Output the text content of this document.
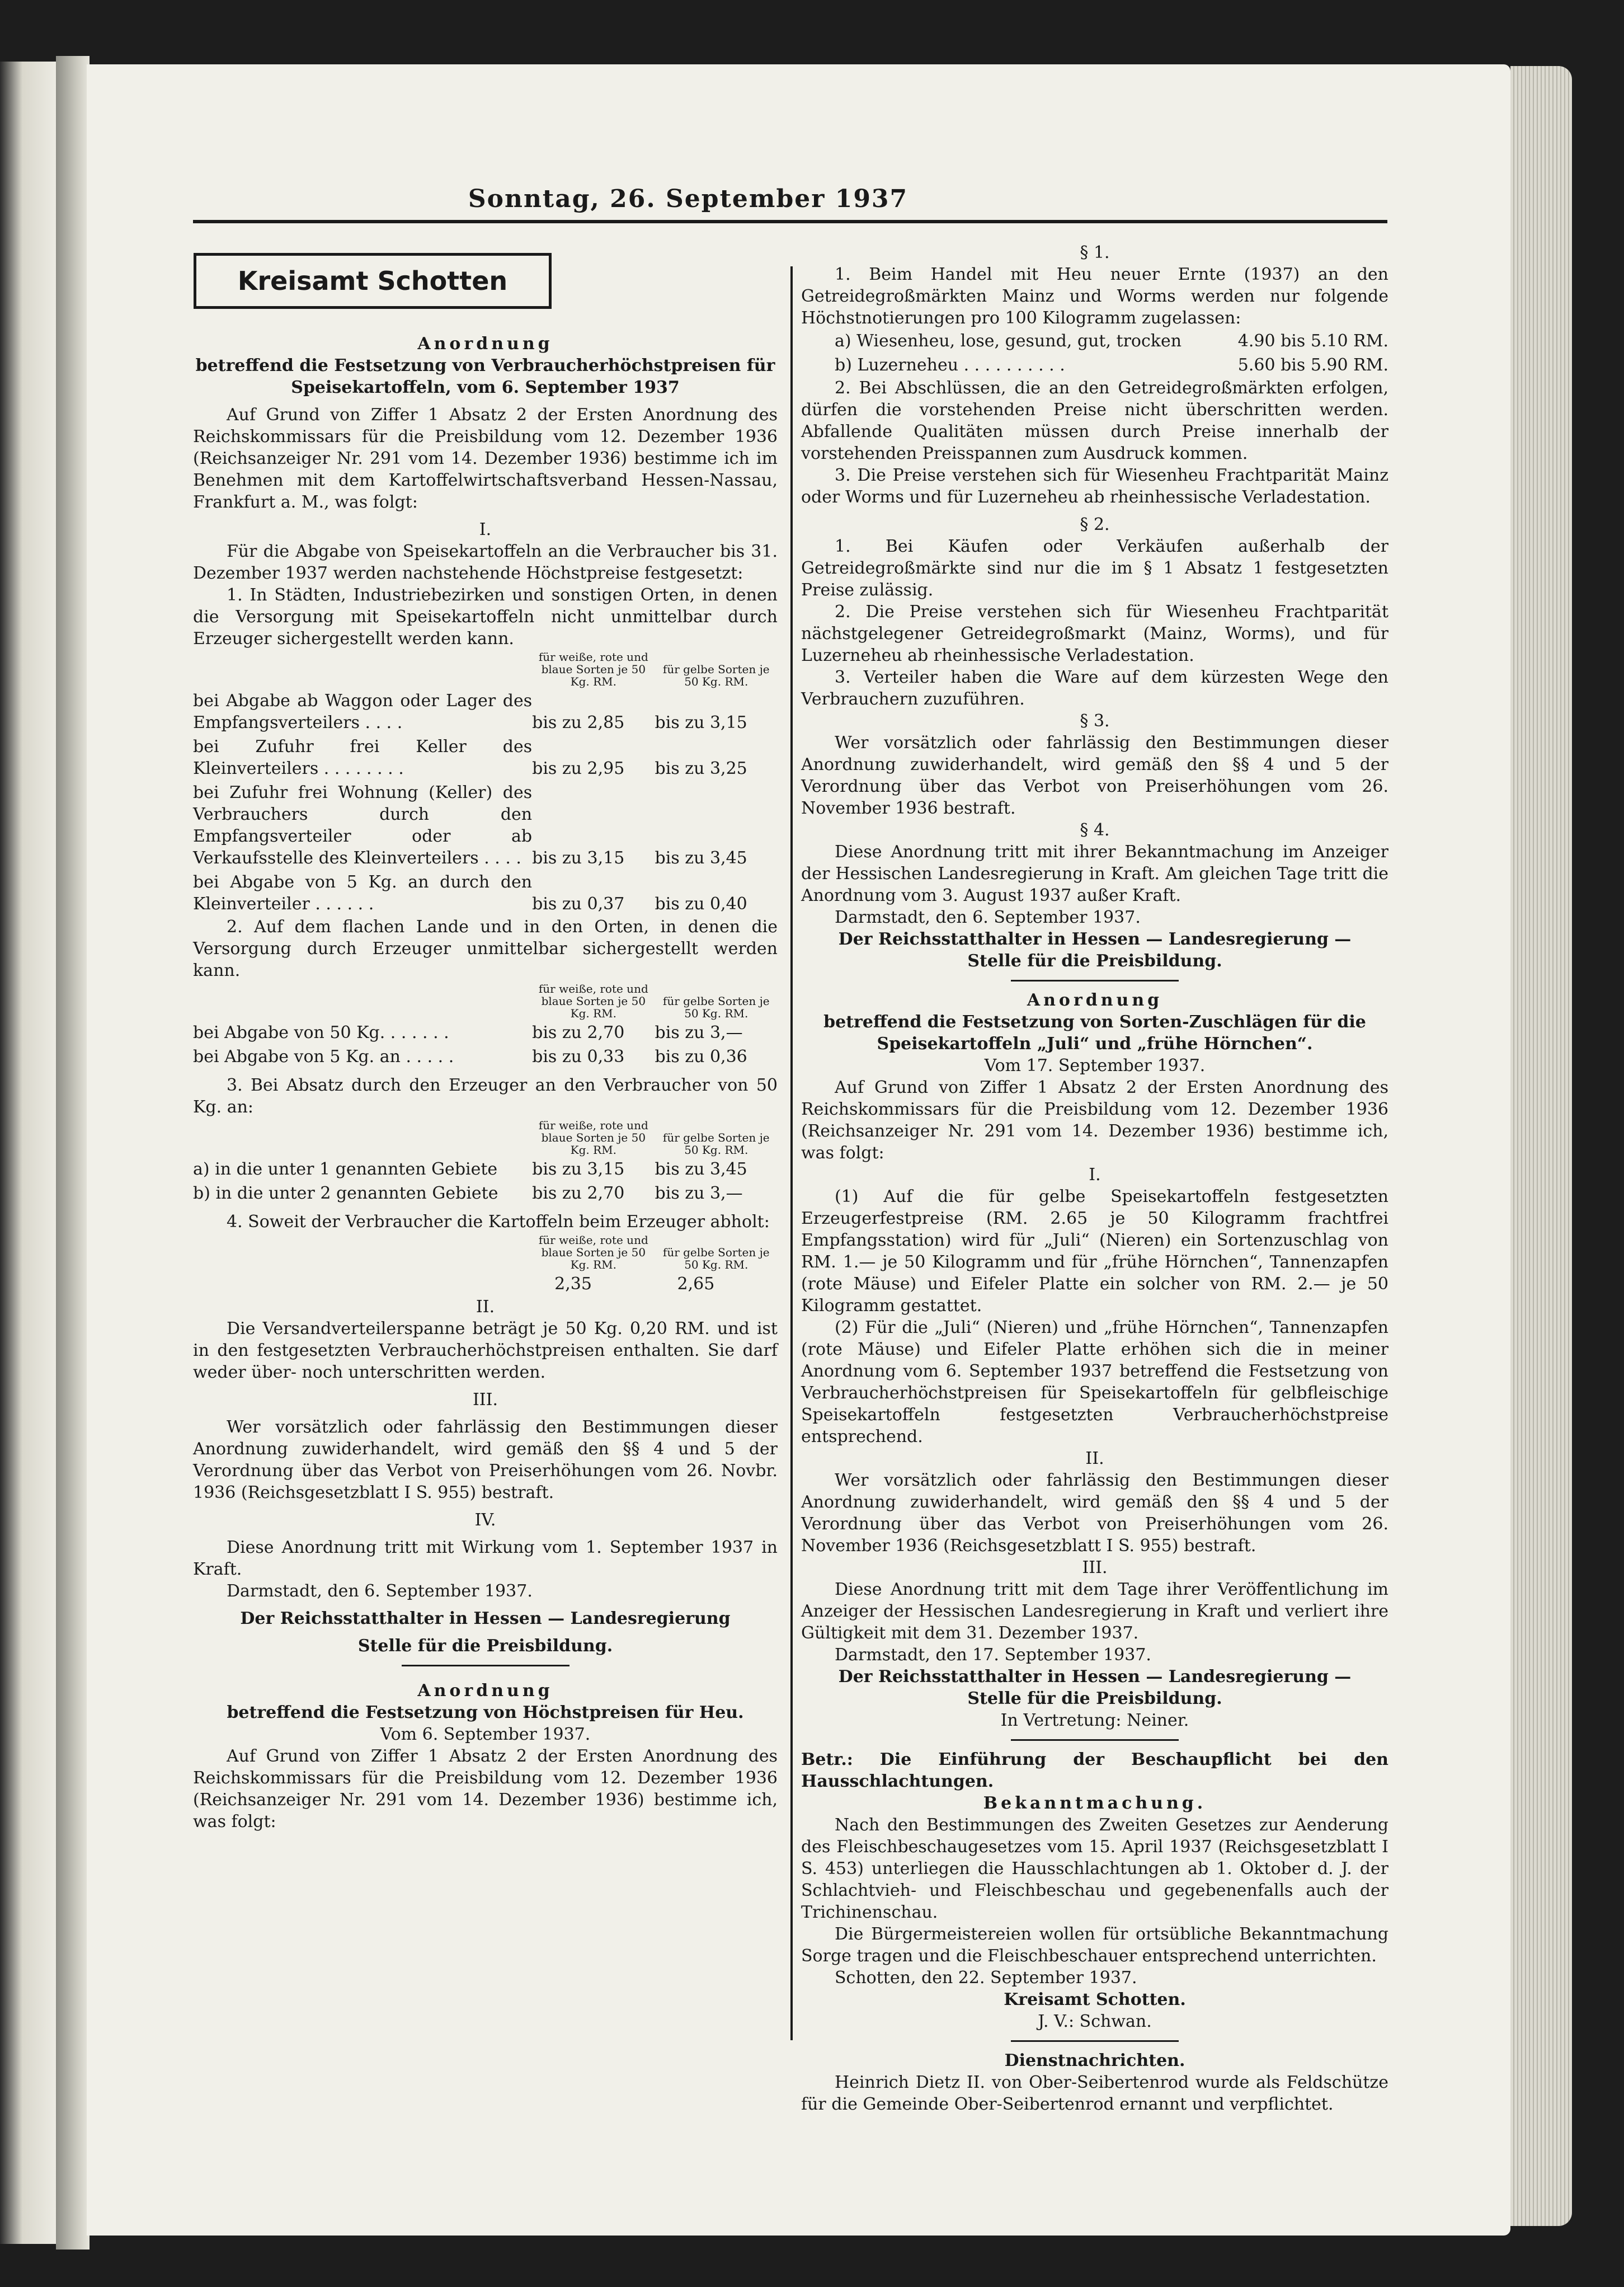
Sonntag, 26. September 1937
Kreisamt Schotten
Anordnung
betreffend die Festsetzung von Verbraucherhöchstpreisen für Speisekartoffeln, vom 6. September 1937

Auf Grund von Ziffer 1 Absatz 2 der Ersten Anordnung des Reichskommissars für die Preisbildung vom 12. Dezember 1936 (Reichsanzeiger Nr. 291 vom 14. Dezember 1936) bestimme ich im Benehmen mit dem Kartoffelwirtschaftsverband Hessen-Nassau, Frankfurt a. M., was folgt:

I.

Für die Abgabe von Speisekartoffeln an die Verbraucher bis 31. Dezember 1937 werden nachstehende Höchstpreise festgesetzt:

1. In Städten, Industriebezirken und sonstigen Orten, in denen die Versorgung mit Speisekartoffeln nicht unmittelbar durch Erzeuger sichergestellt werden kann.

	für weiße, rote und blaue Sorten je 50 Kg. RM.	für gelbe Sorten je 50 Kg. RM.

bei Abgabe ab Waggon oder Lager des Empfangsverteilers . . . .	bis zu 2,85	bis zu 3,15
bei Zufuhr frei Keller des Kleinverteilers . . . . . . . .	bis zu 2,95	bis zu 3,25
bei Zufuhr frei Wohnung (Keller) des Verbrauchers durch den Empfangsverteiler oder ab Verkaufsstelle des Kleinverteilers . . . .	bis zu 3,15	bis zu 3,45
bei Abgabe von 5 Kg. an durch den Kleinverteiler . . . . . .	bis zu 0,37	bis zu 0,40

2. Auf dem flachen Lande und in den Orten, in denen die Versorgung durch Erzeuger unmittelbar sichergestellt werden kann.

	für weiße, rote und blaue Sorten je 50 Kg. RM.	für gelbe Sorten je 50 Kg. RM.

bei Abgabe von 50 Kg. . . . . . .	bis zu 2,70	bis zu 3,—
bei Abgabe von 5 Kg. an . . . . .	bis zu 0,33	bis zu 0,36

3. Bei Absatz durch den Erzeuger an den Verbraucher von 50 Kg. an:

	für weiße, rote und blaue Sorten je 50 Kg. RM.	für gelbe Sorten je 50 Kg. RM.

a) in die unter 1 genannten Gebiete	bis zu 3,15	bis zu 3,45
b) in die unter 2 genannten Gebiete	bis zu 2,70	bis zu 3,—

4. Soweit der Verbraucher die Kartoffeln beim Erzeuger abholt:

	für weiße, rote und blaue Sorten je 50 Kg. RM.	für gelbe Sorten je 50 Kg. RM.

	2,35	2,65
II.

Die Versandverteilerspanne beträgt je 50 Kg. 0,20 RM. und ist in den festgesetzten Verbraucherhöchstpreisen enthalten. Sie darf weder über- noch unterschritten werden.

III.

Wer vorsätzlich oder fahrlässig den Bestimmungen dieser Anordnung zuwiderhandelt, wird gemäß den §§ 4 und 5 der Verordnung über das Verbot von Preiserhöhungen vom 26. Novbr. 1936 (Reichsgesetzblatt I S. 955) bestraft.

IV.

Diese Anordnung tritt mit Wirkung vom 1. September 1937 in Kraft.

Darmstadt, den 6. September 1937.

Der Reichsstatthalter in Hessen — Landesregierung
Stelle für die Preisbildung.
Anordnung
betreffend die Festsetzung von Höchstpreisen für Heu.
Vom 6. September 1937.

Auf Grund von Ziffer 1 Absatz 2 der Ersten Anordnung des Reichskommissars für die Preisbildung vom 12. Dezember 1936 (Reichsanzeiger Nr. 291 vom 14. Dezember 1936) bestimme ich, was folgt:

§ 1.

1. Beim Handel mit Heu neuer Ernte (1937) an den Getreidegroßmärkten Mainz und Worms werden nur folgende Höchstnotierungen pro 100 Kilogramm zugelassen:

a) Wiesenheu, lose, gesund, gut, trocken	4.90 bis 5.10 RM.
b) Luzerneheu . . . . . . . . . .	5.60 bis 5.90 RM.

2. Bei Abschlüssen, die an den Getreidegroßmärkten erfolgen, dürfen die vorstehenden Preise nicht überschritten werden. Abfallende Qualitäten müssen durch Preise innerhalb der vorstehenden Preisspannen zum Ausdruck kommen.

3. Die Preise verstehen sich für Wiesenheu Frachtparität Mainz oder Worms und für Luzerneheu ab rheinhessische Verladestation.

§ 2.

1. Bei Käufen oder Verkäufen außerhalb der Getreidegroßmärkte sind nur die im § 1 Absatz 1 festgesetzten Preise zulässig.

2. Die Preise verstehen sich für Wiesenheu Frachtparität nächstgelegener Getreidegroßmarkt (Mainz, Worms), und für Luzerneheu ab rheinhessische Verladestation.

3. Verteiler haben die Ware auf dem kürzesten Wege den Verbrauchern zuzuführen.

§ 3.

Wer vorsätzlich oder fahrlässig den Bestimmungen dieser Anordnung zuwiderhandelt, wird gemäß den §§ 4 und 5 der Verordnung über das Verbot von Preiserhöhungen vom 26. November 1936 bestraft.

§ 4.

Diese Anordnung tritt mit ihrer Bekanntmachung im Anzeiger der Hessischen Landesregierung in Kraft. Am gleichen Tage tritt die Anordnung vom 3. August 1937 außer Kraft.

Darmstadt, den 6. September 1937.

Der Reichsstatthalter in Hessen — Landesregierung —
Stelle für die Preisbildung.
Anordnung
betreffend die Festsetzung von Sorten-Zuschlägen für die Speisekartoffeln „Juli“ und „frühe Hörnchen“.
Vom 17. September 1937.

Auf Grund von Ziffer 1 Absatz 2 der Ersten Anordnung des Reichskommissars für die Preisbildung vom 12. Dezember 1936 (Reichsanzeiger Nr. 291 vom 14. Dezember 1936) bestimme ich, was folgt:

I.

(1) Auf die für gelbe Speisekartoffeln festgesetzten Erzeugerfestpreise (RM. 2.65 je 50 Kilogramm frachtfrei Empfangsstation) wird für „Juli“ (Nieren) ein Sortenzuschlag von RM. 1.— je 50 Kilogramm und für „frühe Hörnchen“, Tannenzapfen (rote Mäuse) und Eifeler Platte ein solcher von RM. 2.— je 50 Kilogramm gestattet.

(2) Für die „Juli“ (Nieren) und „frühe Hörnchen“, Tannenzapfen (rote Mäuse) und Eifeler Platte erhöhen sich die in meiner Anordnung vom 6. September 1937 betreffend die Festsetzung von Verbraucherhöchstpreisen für Speisekartoffeln für gelbfleischige Speisekartoffeln festgesetzten Verbraucherhöchstpreise entsprechend.

II.

Wer vorsätzlich oder fahrlässig den Bestimmungen dieser Anordnung zuwiderhandelt, wird gemäß den §§ 4 und 5 der Verordnung über das Verbot von Preiserhöhungen vom 26. November 1936 (Reichsgesetzblatt I S. 955) bestraft.

III.

Diese Anordnung tritt mit dem Tage ihrer Veröffentlichung im Anzeiger der Hessischen Landesregierung in Kraft und verliert ihre Gültigkeit mit dem 31. Dezember 1937.

Darmstadt, den 17. September 1937.

Der Reichsstatthalter in Hessen — Landesregierung —
Stelle für die Preisbildung.
In Vertretung: Neiner.
Betr.: Die Einführung der Beschaupflicht bei den Hausschlachtungen.
Bekanntmachung.

Nach den Bestimmungen des Zweiten Gesetzes zur Aenderung des Fleischbeschaugesetzes vom 15. April 1937 (Reichsgesetzblatt I S. 453) unterliegen die Hausschlachtungen ab 1. Oktober d. J. der Schlachtvieh- und Fleischbeschau und gegebenenfalls auch der Trichinenschau.

Die Bürgermeistereien wollen für ortsübliche Bekanntmachung Sorge tragen und die Fleischbeschauer entsprechend unterrichten.

Schotten, den 22. September 1937.

Kreisamt Schotten.
J. V.: Schwan.
Dienstnachrichten.

Heinrich Dietz II. von Ober-Seibertenrod wurde als Feldschütze für die Gemeinde Ober-Seibertenrod ernannt und verpflichtet.
